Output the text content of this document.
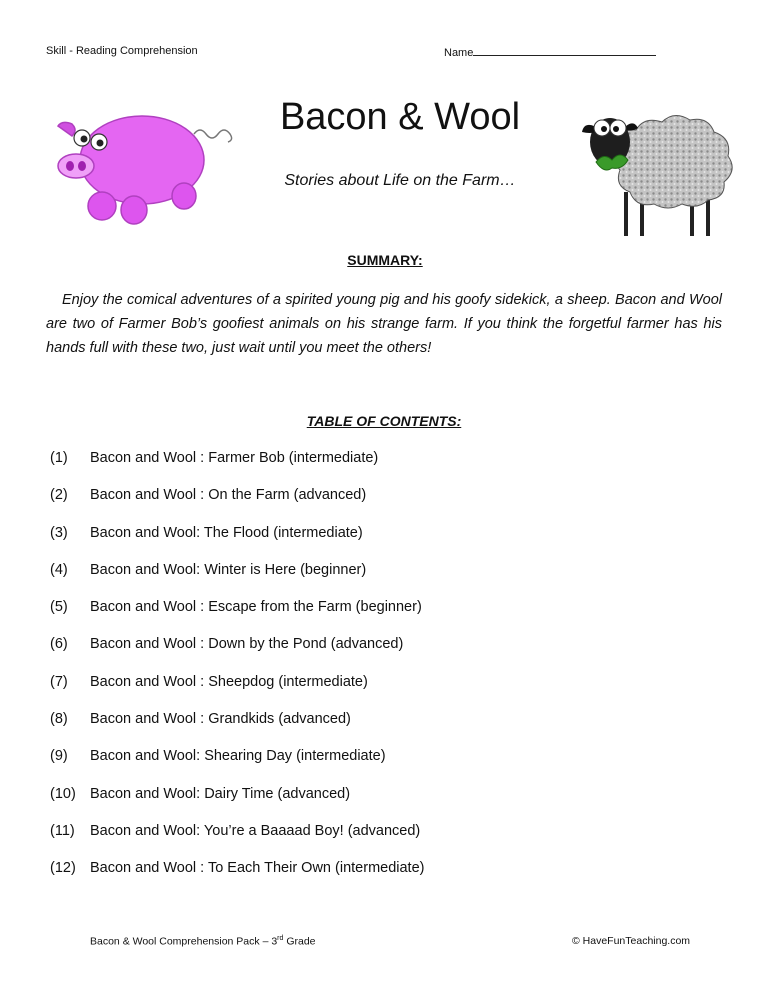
Skill - Reading Comprehension	Name
Bacon & Wool
Stories about Life on the Farm…
SUMMARY:

Enjoy the comical adventures of a spirited young pig and his goofy sidekick, a sheep. Bacon and Wool are two of Farmer Bob’s goofiest animals on his strange farm. If you think the forgetful farmer has his hands full with these two, just wait until you meet the others!

TABLE OF CONTENTS:
(1)	Bacon and Wool : Farmer Bob (intermediate)
(2)	Bacon and Wool : On the Farm (advanced)
(3)	Bacon and Wool: The Flood (intermediate)
(4)	Bacon and Wool: Winter is Here (beginner)
(5)	Bacon and Wool : Escape from the Farm (beginner)
(6)	Bacon and Wool : Down by the Pond (advanced)
(7)	Bacon and Wool : Sheepdog (intermediate)
(8)	Bacon and Wool : Grandkids (advanced)
(9)	Bacon and Wool: Shearing Day (intermediate)
(10) Bacon and Wool: Dairy Time (advanced)
(11)	Bacon and Wool: You’re a Baaaad Boy! (advanced)
(12) Bacon and Wool : To Each Their Own (intermediate)
Bacon & Wool Comprehension Pack – 3rd Grade	© HaveFunTeaching.com
